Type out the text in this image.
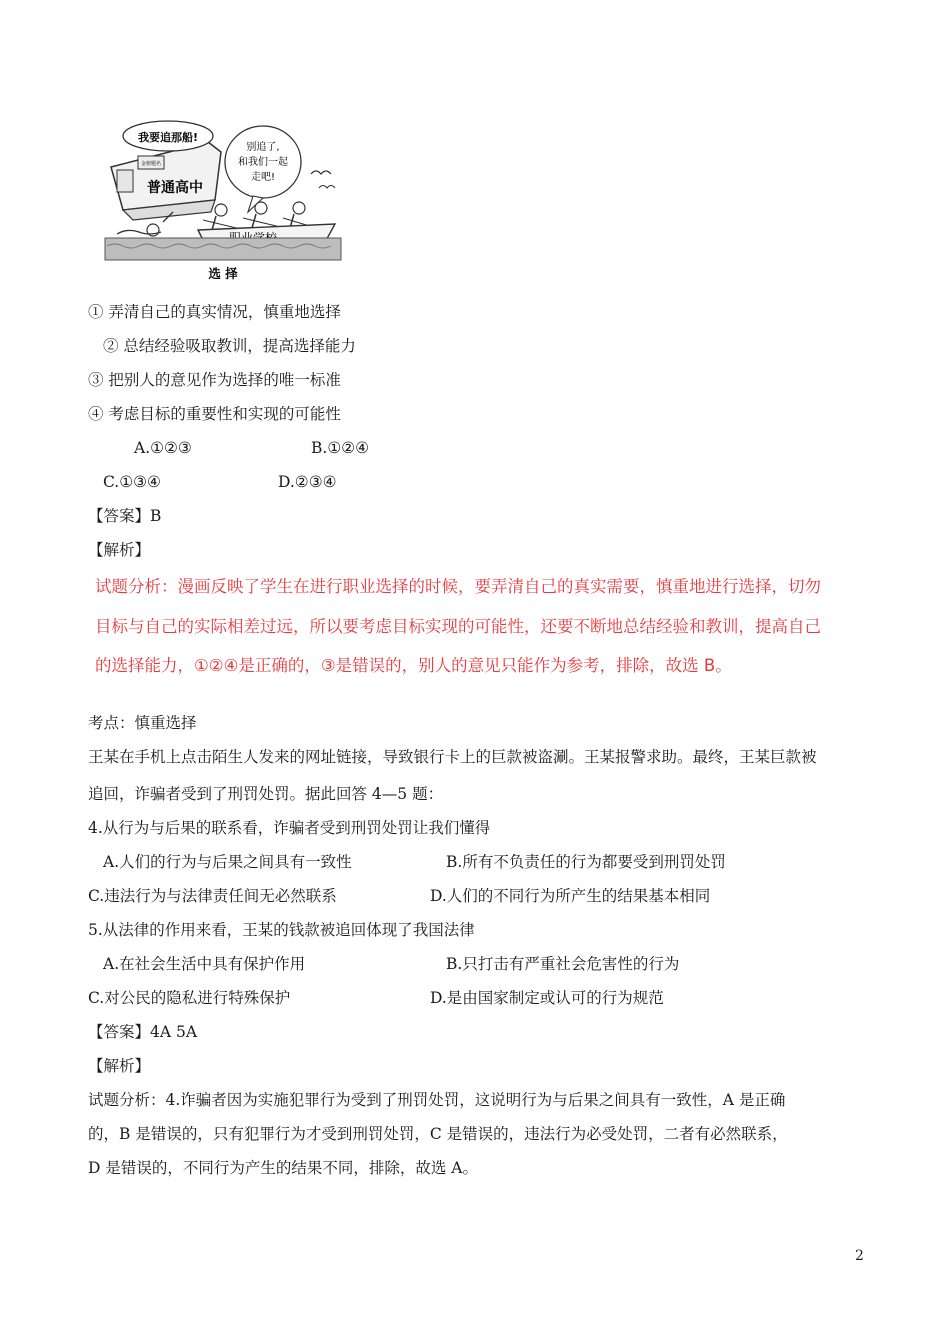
我要追那船!
金榜题名
普通高中
别追了,
和我们一起
走吧!
选 择
① 弄清自己的真实情况，慎重地选择
② 总结经验吸取教训，提高选择能力
③ 把别人的意见作为选择的唯一标准
④ 考虑目标的重要性和实现的可能性
A.①②③	B.①②④
C.①③④	D.②③④
【答案】B
【解析】
试题分析：漫画反映了学生在进行职业选择的时候，要弄清自己的真实需要，慎重地进行选择，切勿
目标与自己的实际相差过远，所以要考虑目标实现的可能性，还要不断地总结经验和教训，提高自己
的选择能力，①②④是正确的，③是错误的，别人的意见只能作为参考，排除，故选 B。
考点：慎重选择
王某在手机上点击陌生人发来的网址链接，导致银行卡上的巨款被盗涮。王某报警求助。最终，王某巨款被
追回，诈骗者受到了刑罚处罚。据此回答 4—5 题：
4.从行为与后果的联系看，诈骗者受到刑罚处罚让我们懂得
A.人们的行为与后果之间具有一致性	B.所有不负责任的行为都要受到刑罚处罚
C.违法行为与法律责任间无必然联系	D.人们的不同行为所产生的结果基本相同
5.从法律的作用来看，王某的钱款被追回体现了我国法律
A.在社会生活中具有保护作用	B.只打击有严重社会危害性的行为
C.对公民的隐私进行特殊保护	D.是由国家制定或认可的行为规范
【答案】4A 5A
【解析】
试题分析：4.诈骗者因为实施犯罪行为受到了刑罚处罚，这说明行为与后果之间具有一致性，A 是正确
的，B 是错误的，只有犯罪行为才受到刑罚处罚，C 是错误的，违法行为必受处罚，二者有必然联系，
D 是错误的，不同行为产生的结果不同，排除，故选 A。
2
